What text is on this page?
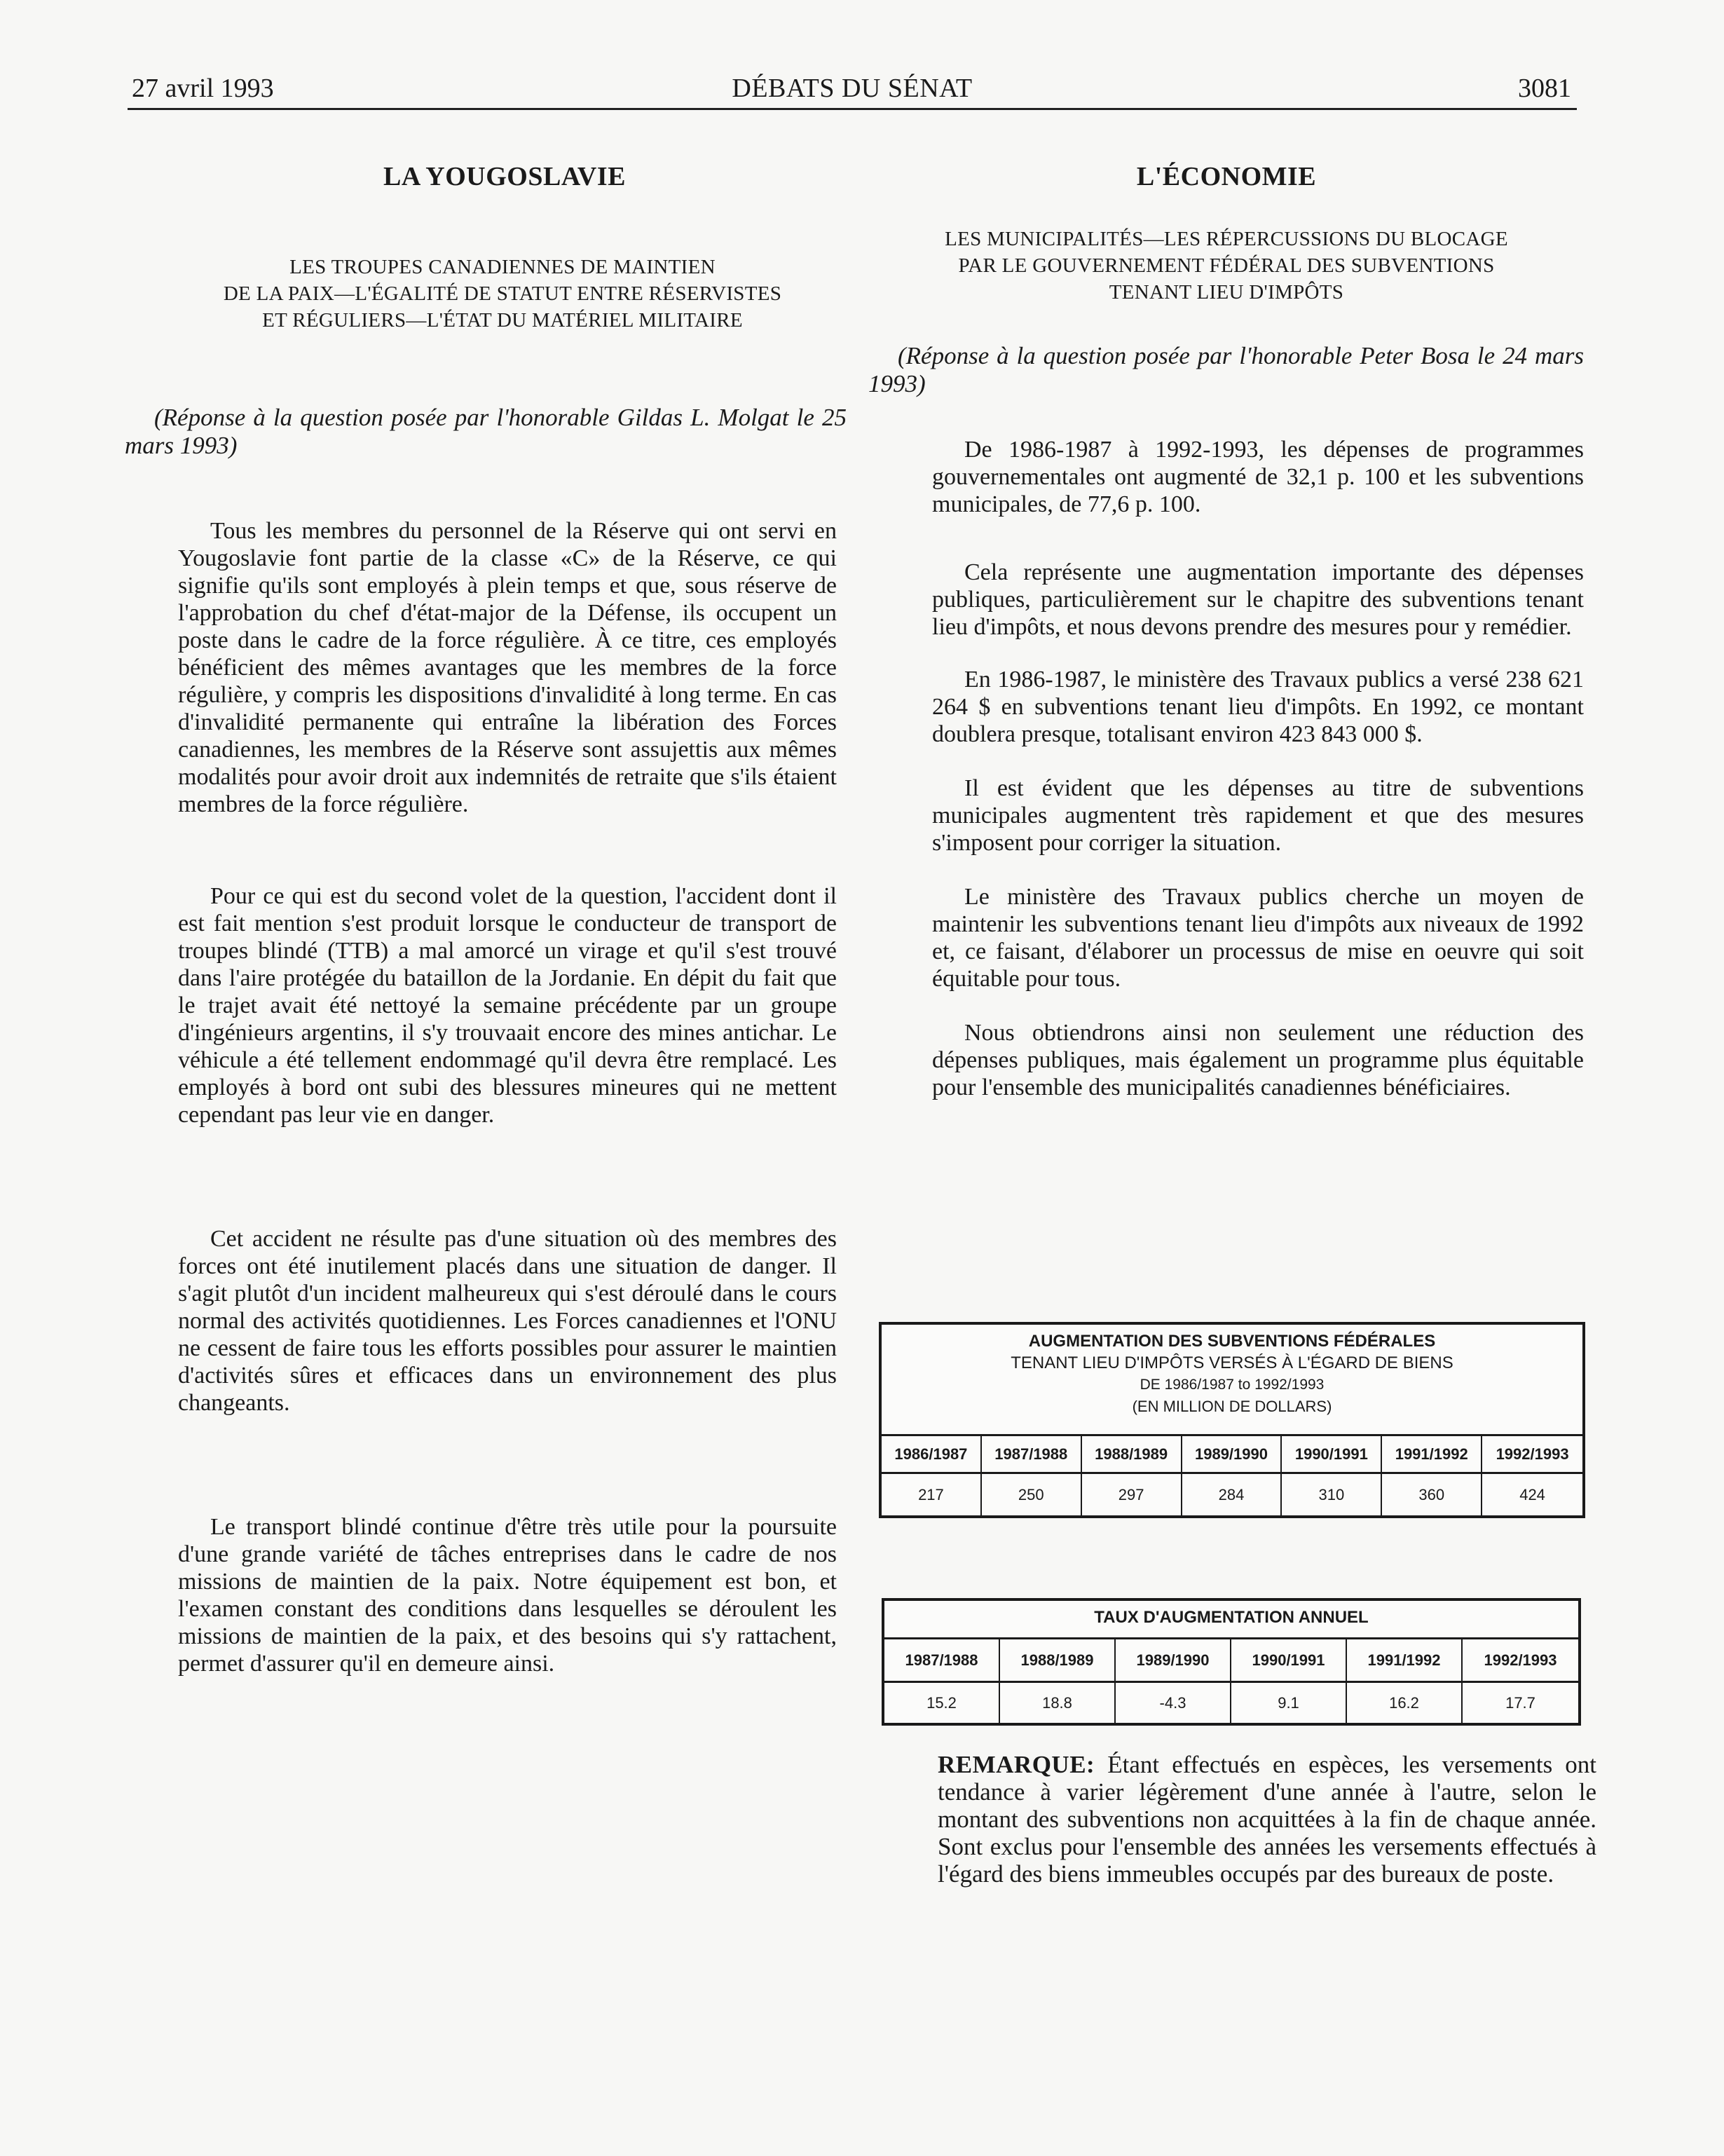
27 avril 1993	DÉBATS DU SÉNAT	3081
LA YOUGOSLAVIE
LES TROUPES CANADIENNES DE MAINTIEN
DE LA PAIX—L'ÉGALITÉ DE STATUT ENTRE RÉSERVISTES
ET RÉGULIERS—L'ÉTAT DU MATÉRIEL MILITAIRE
(Réponse à la question posée par l'honorable Gildas L. Molgat le 25 mars 1993)

Tous les membres du personnel de la Réserve qui ont servi en Yougoslavie font partie de la classe «C» de la Réserve, ce qui signifie qu'ils sont employés à plein temps et que, sous réserve de l'approbation du chef d'état-major de la Défense, ils occupent un poste dans le cadre de la force régulière. À ce titre, ces employés bénéficient des mêmes avantages que les membres de la force régulière, y compris les dispositions d'invalidité à long terme. En cas d'invalidité permanente qui entraîne la libération des Forces canadiennes, les membres de la Réserve sont assujettis aux mêmes modalités pour avoir droit aux indemnités de retraite que s'ils étaient membres de la force régulière.

Pour ce qui est du second volet de la question, l'accident dont il est fait mention s'est produit lorsque le conducteur de transport de troupes blindé (TTB) a mal amorcé un virage et qu'il s'est trouvé dans l'aire protégée du bataillon de la Jordanie. En dépit du fait que le trajet avait été nettoyé la semaine précédente par un groupe d'ingénieurs argentins, il s'y trouvaait encore des mines antichar. Le véhicule a été tellement endommagé qu'il devra être remplacé. Les employés à bord ont subi des blessures mineures qui ne mettent cependant pas leur vie en danger.

Cet accident ne résulte pas d'une situation où des membres des forces ont été inutilement placés dans une situation de danger. Il s'agit plutôt d'un incident malheureux qui s'est déroulé dans le cours normal des activités quotidiennes. Les Forces canadiennes et l'ONU ne cessent de faire tous les efforts possibles pour assurer le maintien d'activités sûres et efficaces dans un environnement des plus changeants.

Le transport blindé continue d'être très utile pour la poursuite d'une grande variété de tâches entreprises dans le cadre de nos missions de maintien de la paix. Notre équipement est bon, et l'examen constant des conditions dans lesquelles se déroulent les missions de maintien de la paix, et des besoins qui s'y rattachent, permet d'assurer qu'il en demeure ainsi.

L'ÉCONOMIE
LES MUNICIPALITÉS—LES RÉPERCUSSIONS DU BLOCAGE
PAR LE GOUVERNEMENT FÉDÉRAL DES SUBVENTIONS
TENANT LIEU D'IMPÔTS
(Réponse à la question posée par l'honorable Peter Bosa le 24 mars 1993)

De 1986-1987 à 1992-1993, les dépenses de programmes gouvernementales ont augmenté de 32,1 p. 100 et les subventions municipales, de 77,6 p. 100.

Cela représente une augmentation importante des dépenses publiques, particulièrement sur le chapitre des subventions tenant lieu d'impôts, et nous devons prendre des mesures pour y remédier.

En 1986-1987, le ministère des Travaux publics a versé 238 621 264 $ en subventions tenant lieu d'impôts. En 1992, ce montant doublera presque, totalisant environ 423 843 000 $.

Il est évident que les dépenses au titre de subventions municipales augmentent très rapidement et que des mesures s'imposent pour corriger la situation.

Le ministère des Travaux publics cherche un moyen de maintenir les subventions tenant lieu d'impôts aux niveaux de 1992 et, ce faisant, d'élaborer un processus de mise en oeuvre qui soit équitable pour tous.

Nous obtiendrons ainsi non seulement une réduction des dépenses publiques, mais également un programme plus équitable pour l'ensemble des municipalités canadiennes bénéficiaires.

AUGMENTATION DES SUBVENTIONS FÉDÉRALES
TENANT LIEU D'IMPÔTS VERSÉS À L'ÉGARD DE BIENS
DE 1986/1987 to 1992/1993
(EN MILLION DE DOLLARS)
1986/1987	1987/1988	1988/1989	1989/1990	1990/1991	1991/1992	1992/1993
217	250	297	284	310	360	424
TAUX D'AUGMENTATION ANNUEL
1987/1988	1988/1989	1989/1990	1990/1991	1991/1992	1992/1993
15.2	18.8	-4.3	9.1	16.2	17.7
REMARQUE: Étant effectués en espèces, les versements ont tendance à varier légèrement d'une année à l'autre, selon le montant des subventions non acquittées à la fin de chaque année. Sont exclus pour l'ensemble des années les versements effectués à l'égard des biens immeubles occupés par des bureaux de poste.
